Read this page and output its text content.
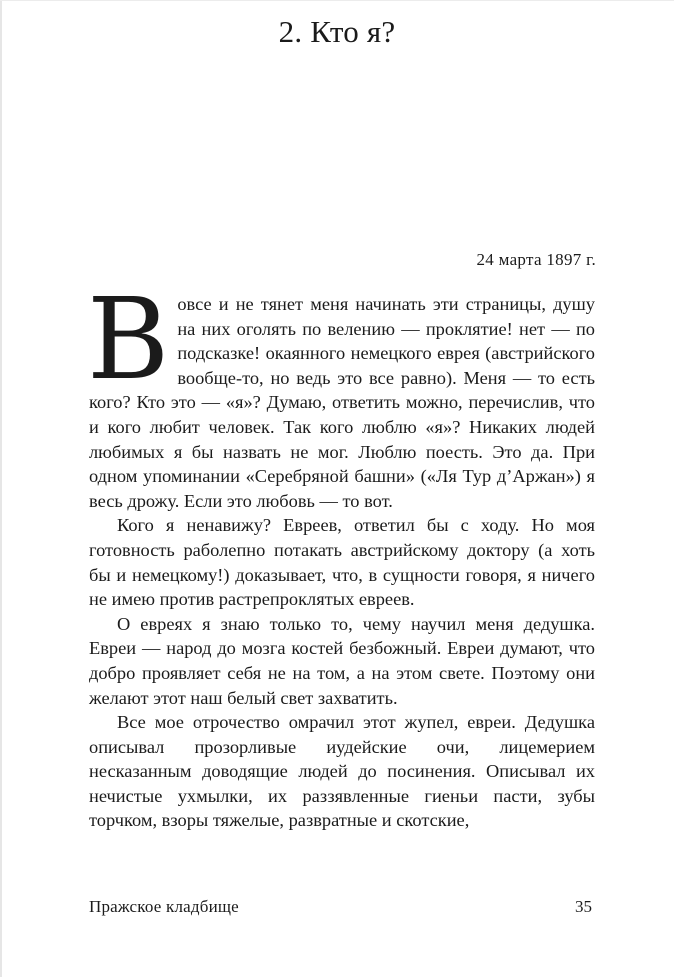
2. Кто я?
24 марта 1897 г.

Вовсе и не тянет меня начинать эти страницы, душу на них оголять по велению — проклятие! нет — по подсказке! окаянного немецкого еврея (австрийского вообще-то, но ведь это все равно). Меня — то есть кого? Кто это — «я»? Думаю, ответить можно, перечислив, что и кого любит человек. Так кого люблю «я»? Никаких людей любимых я бы назвать не мог. Люблю поесть. Это да. При одном упоминании «Серебряной башни» («Ля Тур д’Аржан») я весь дрожу. Если это любовь — то вот.

Кого я ненавижу? Евреев, ответил бы с ходу. Но моя готовность раболепно потакать австрийскому доктору (а хоть бы и немецкому!) доказывает, что, в сущности говоря, я ничего не имею против растрепроклятых евреев.

О евреях я знаю только то, чему научил меня дедушка. Евреи — народ до мозга костей безбожный. Евреи думают, что добро проявляет себя не на том, а на этом свете. Поэтому они желают этот наш белый свет захватить.

Все мое отрочество омрачил этот жупел, евреи. Дедушка описывал прозорливые иудейские очи, лицемерием несказанным доводящие людей до посинения. Описывал их нечистые ухмылки, их раззявленные гиеньи пасти, зубы торчком, взоры тяжелые, развратные и скотские,

Пражское кладбище	35
